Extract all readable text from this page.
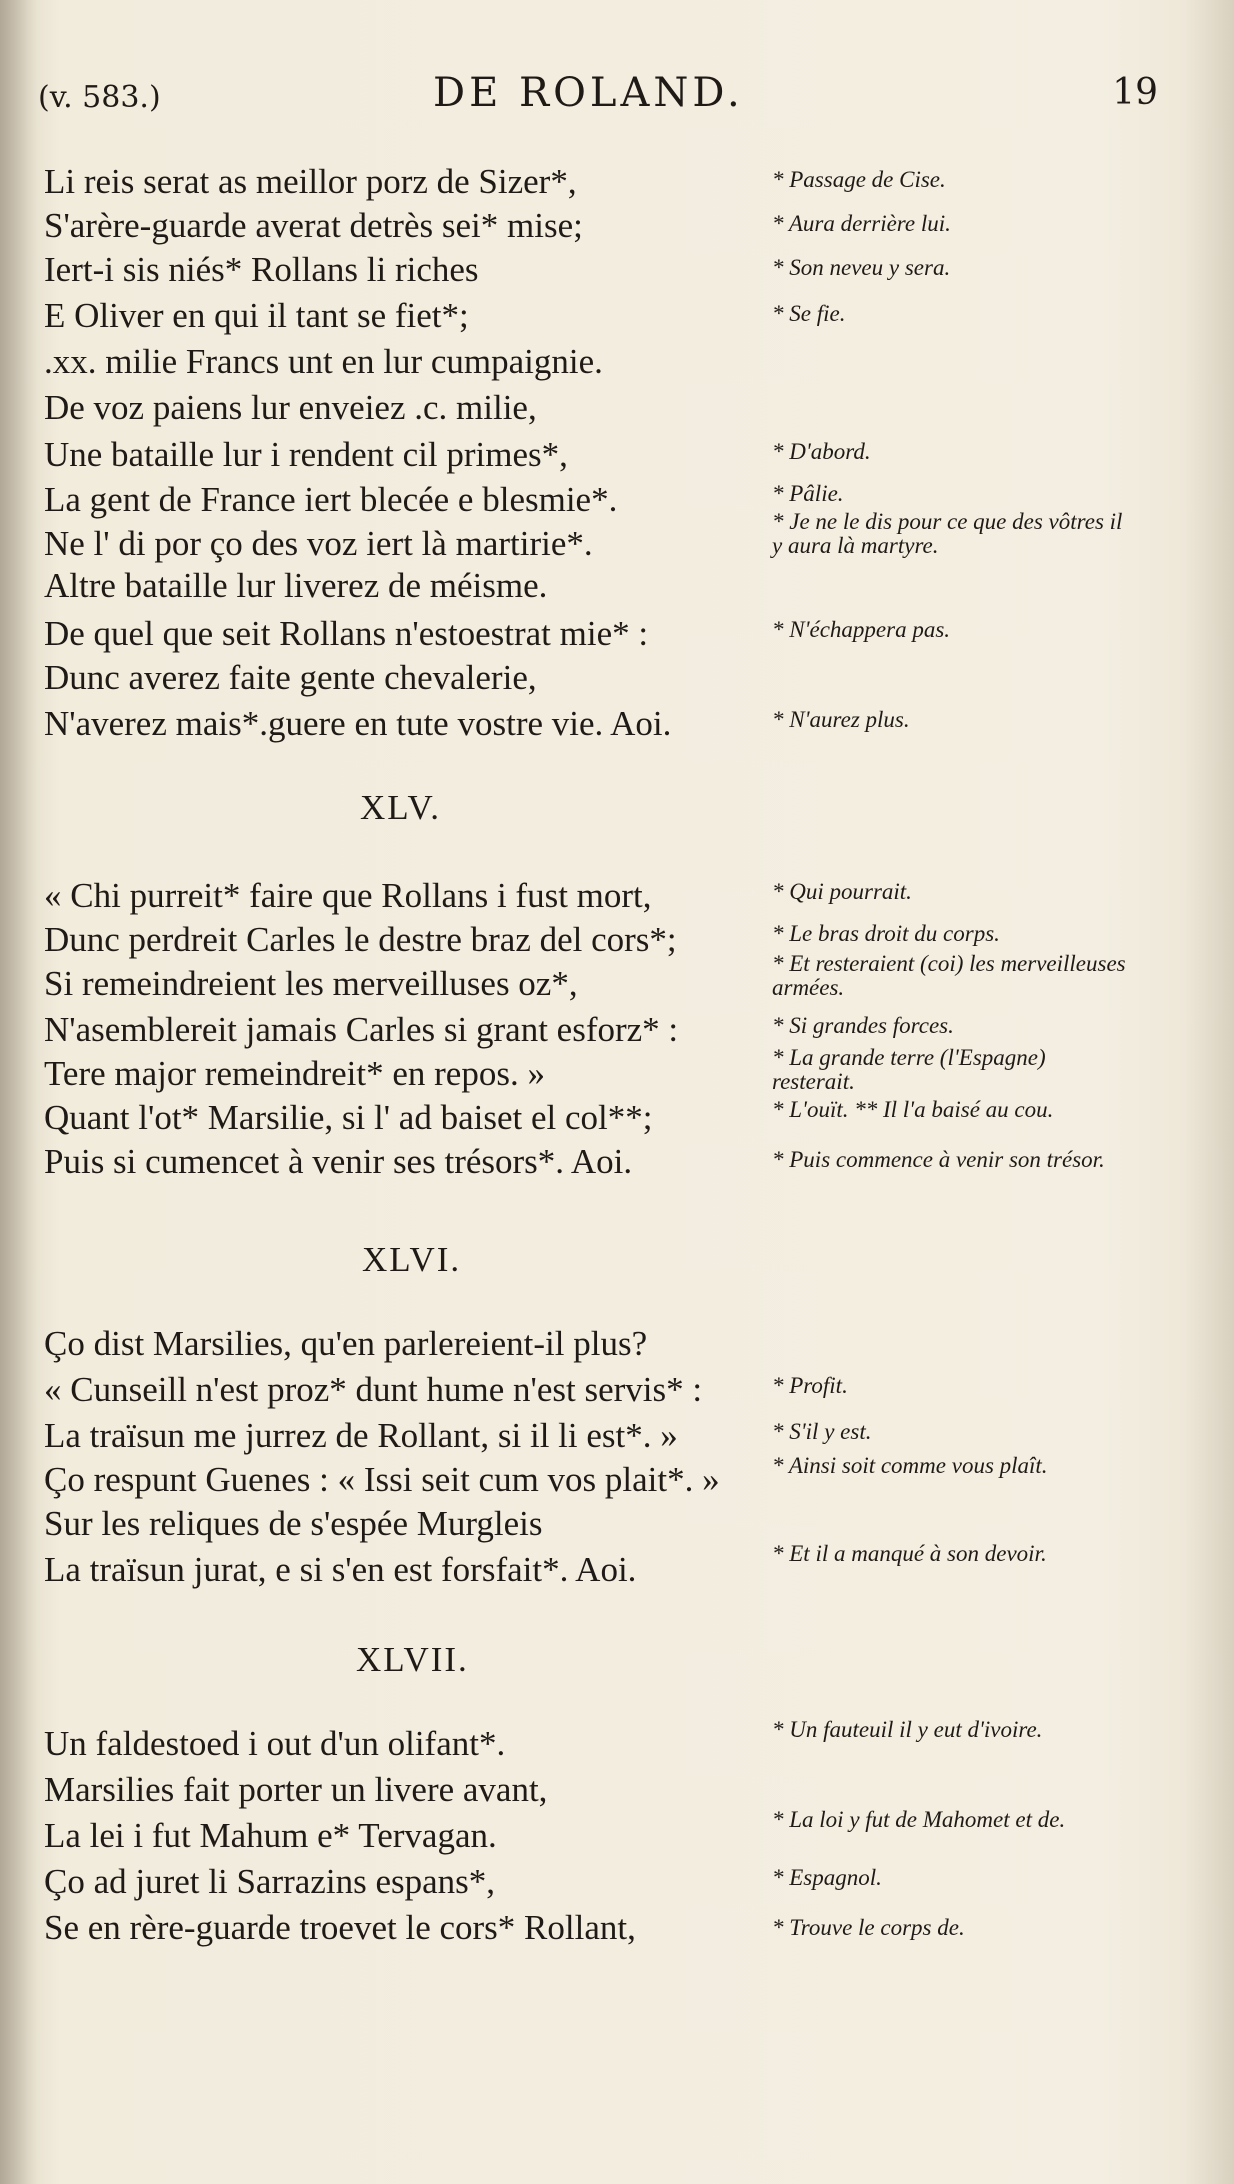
(v. 583.)	DE ROLAND.	19
Li reis serat as meillor porz de Sizer*,
S'arère-guarde averat detrès sei* mise;
Iert-i sis niés* Rollans li riches
E Oliver en qui il tant se fiet*;
.xx. milie Francs unt en lur cumpaignie.
De voz paiens lur enveiez .c. milie,
Une bataille lur i rendent cil primes*,
La gent de France iert blecée e blesmie*.
Ne l' di por ço des voz iert là martirie*.
Altre bataille lur liverez de méisme.
De quel que seit Rollans n'estoestrat mie* :
Dunc averez faite gente chevalerie,
N'averez mais*.guere en tute vostre vie. Aoi.
* Passage de Cise.
* Aura derrière lui.
* Son neveu y sera.
* Se fie.
* D'abord.
* Pâlie.
* Je ne le dis pour ce que des vôtres il y aura là martyre.
* N'échappera pas.
* N'aurez plus.
XLV.
« Chi purreit* faire que Rollans i fust mort,
Dunc perdreit Carles le destre braz del cors*;
Si remeindreient les merveilluses oz*,
N'asemblereit jamais Carles si grant esforz* :
Tere major remeindreit* en repos. »
Quant l'ot* Marsilie, si l' ad baiset el col**;
Puis si cumencet à venir ses trésors*. Aoi.
* Qui pourrait.
* Le bras droit du corps.
* Et resteraient (coi) les merveilleuses armées.
* Si grandes forces.
* La grande terre (l'Espagne) resterait.
* L'ouït. ** Il l'a baisé au cou.
* Puis commence à venir son trésor.
XLVI.
Ço dist Marsilies, qu'en parlereient-il plus?
« Cunseill n'est proz* dunt hume n'est servis* :
La traïsun me jurrez de Rollant, si il li est*. »
Ço respunt Guenes : « Issi seit cum vos plait*. »
Sur les reliques de s'espée Murgleis
La traïsun jurat, e si s'en est forsfait*. Aoi.
* Profit.
* S'il y est.
* Ainsi soit comme vous plaît.
* Et il a manqué à son devoir.
XLVII.
Un faldestoed i out d'un olifant*.
Marsilies fait porter un livere avant,
La lei i fut Mahum e* Tervagan.
Ço ad juret li Sarrazins espans*,
Se en rère-guarde troevet le cors* Rollant,
* Un fauteuil il y eut d'ivoire.
* La loi y fut de Mahomet et de.
* Espagnol.
* Trouve le corps de.
